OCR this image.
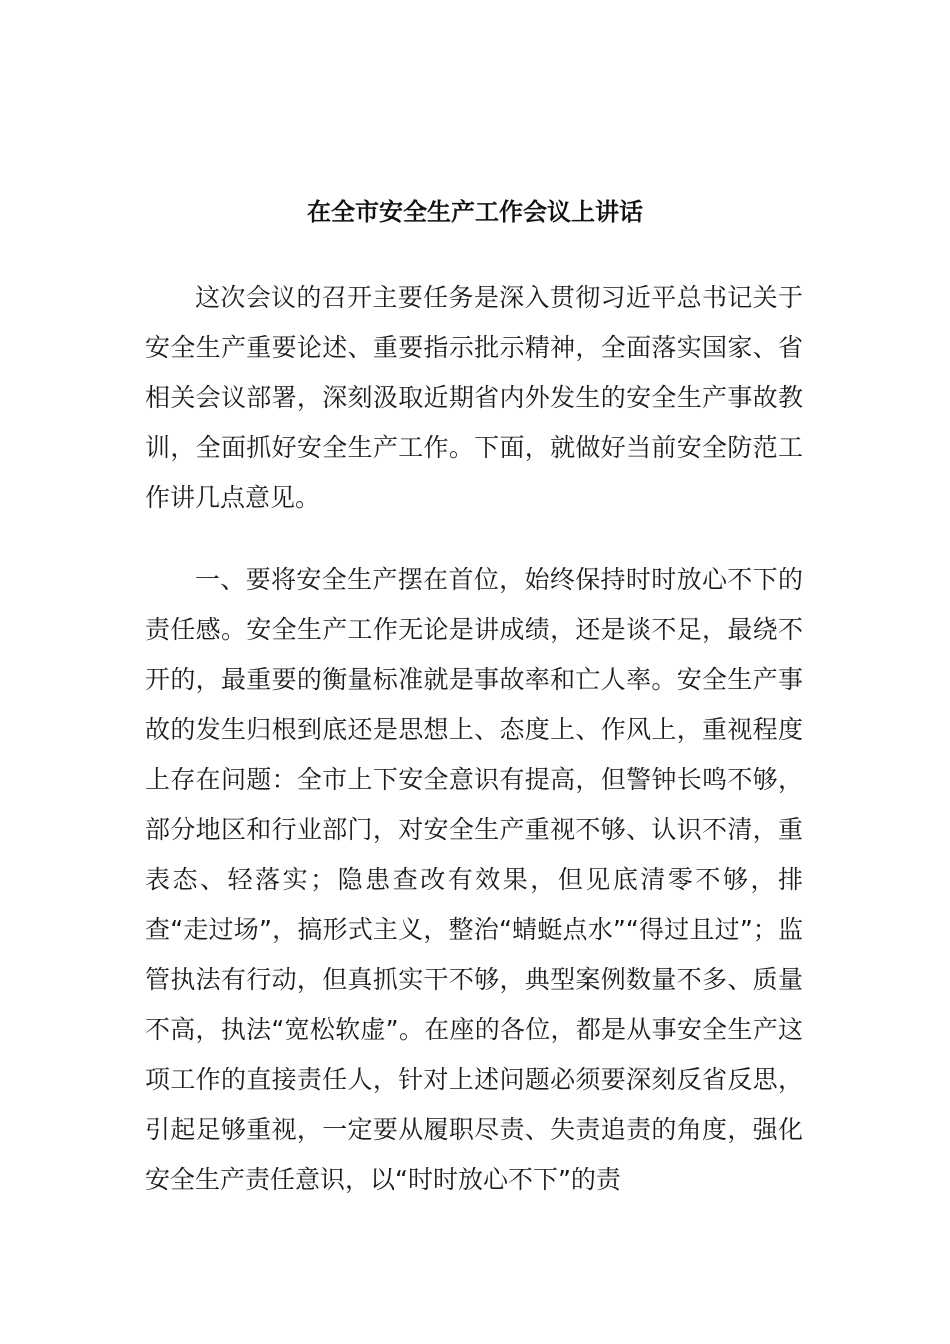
在全市安全生产工作会议上讲话

这次会议的召开主要任务是深入贯彻习近平总书记关于安全生产重要论述、重要指示批示精神，全面落实国家、省相关会议部署，深刻汲取近期省内外发生的安全生产事故教训，全面抓好安全生产工作。下面，就做好当前安全防范工作讲几点意见。

一、要将安全生产摆在首位，始终保持时时放心不下的责任感。安全生产工作无论是讲成绩，还是谈不足，最绕不开的，最重要的衡量标准就是事故率和亡人率。安全生产事故的发生归根到底还是思想上、态度上、作风上，重视程度上存在问题：全市上下安全意识有提高，但警钟长鸣不够，部分地区和行业部门，对安全生产重视不够、认识不清，重表态、轻落实；隐患查改有效果，但见底清零不够，排查“走过场”，搞形式主义，整治“蜻蜓点水”“得过且过”；监管执法有行动，但真抓实干不够，典型案例数量不多、质量不高，执法“宽松软虚”。在座的各位，都是从事安全生产这项工作的直接责任人，针对上述问题必须要深刻反省反思，引起足够重视，一定要从履职尽责、失责追责的角度，强化安全生产责任意识，以“时时放心不下”的责
